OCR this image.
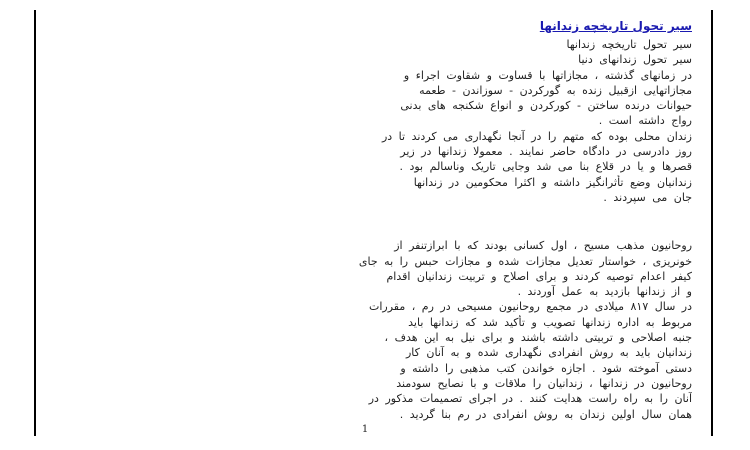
سیر تحول تاریخچه زندانها
سیر تحول تاریخچه زندانها
سیر تحول زندانهای دنیا
در زمانهای گذشته ، مجازاتها با قساوت و شقاوت اجراء و
مجازاتهایی ازقبیل زنده به گورکردن - سوزاندن - طعمه
حیوانات درنده ساختن - کورکردن و انواع شکنجه های بدنی
رواج داشته است .
زندان محلی بوده که متهم را در آنجا نگهداری می کردند تا در
روز دادرسی در دادگاه حاضر نمایند . معمولا زندانها در زیر
قصرها و یا در قلاع بنا می شد وجایی تاریک وناسالم بود .
زندانیان وضع تأثرانگیز داشته و اکثرا محکومین در زندانها
جان می سپردند .
روحانیون مذهب مسیح ، اول کسانی بودند که با ابرازتنفر از
خونریزی ، خواستار تعدیل مجازات شده و مجازات حبس را به جای
کیفر اعدام توصیه کردند و برای اصلاح و تربیت زندانیان اقدام
و از زندانها بازدید به عمل آوردند .
در سال ۸۱۷ میلادی در مجمع روحانیون مسیحی در رم ، مقررات
مربوط به اداره زندانها تصویب و تأکید شد که زندانها باید
جنبه اصلاحی و تربیتی داشته باشند و برای نیل به این هدف ،
زندانیان باید به روش انفرادی نگهداری شده و به آنان کار
دستی آموخته شود . اجازه خواندن کتب مذهبی را داشته و
روحانیون در زندانها ، زندانیان را ملاقات و با نصایح سودمند
آنان را به راه راست هدایت کنند . در اجرای تصمیمات مذکور در
همان سال اولین زندان به روش انفرادی در رم بنا گردید .
1
